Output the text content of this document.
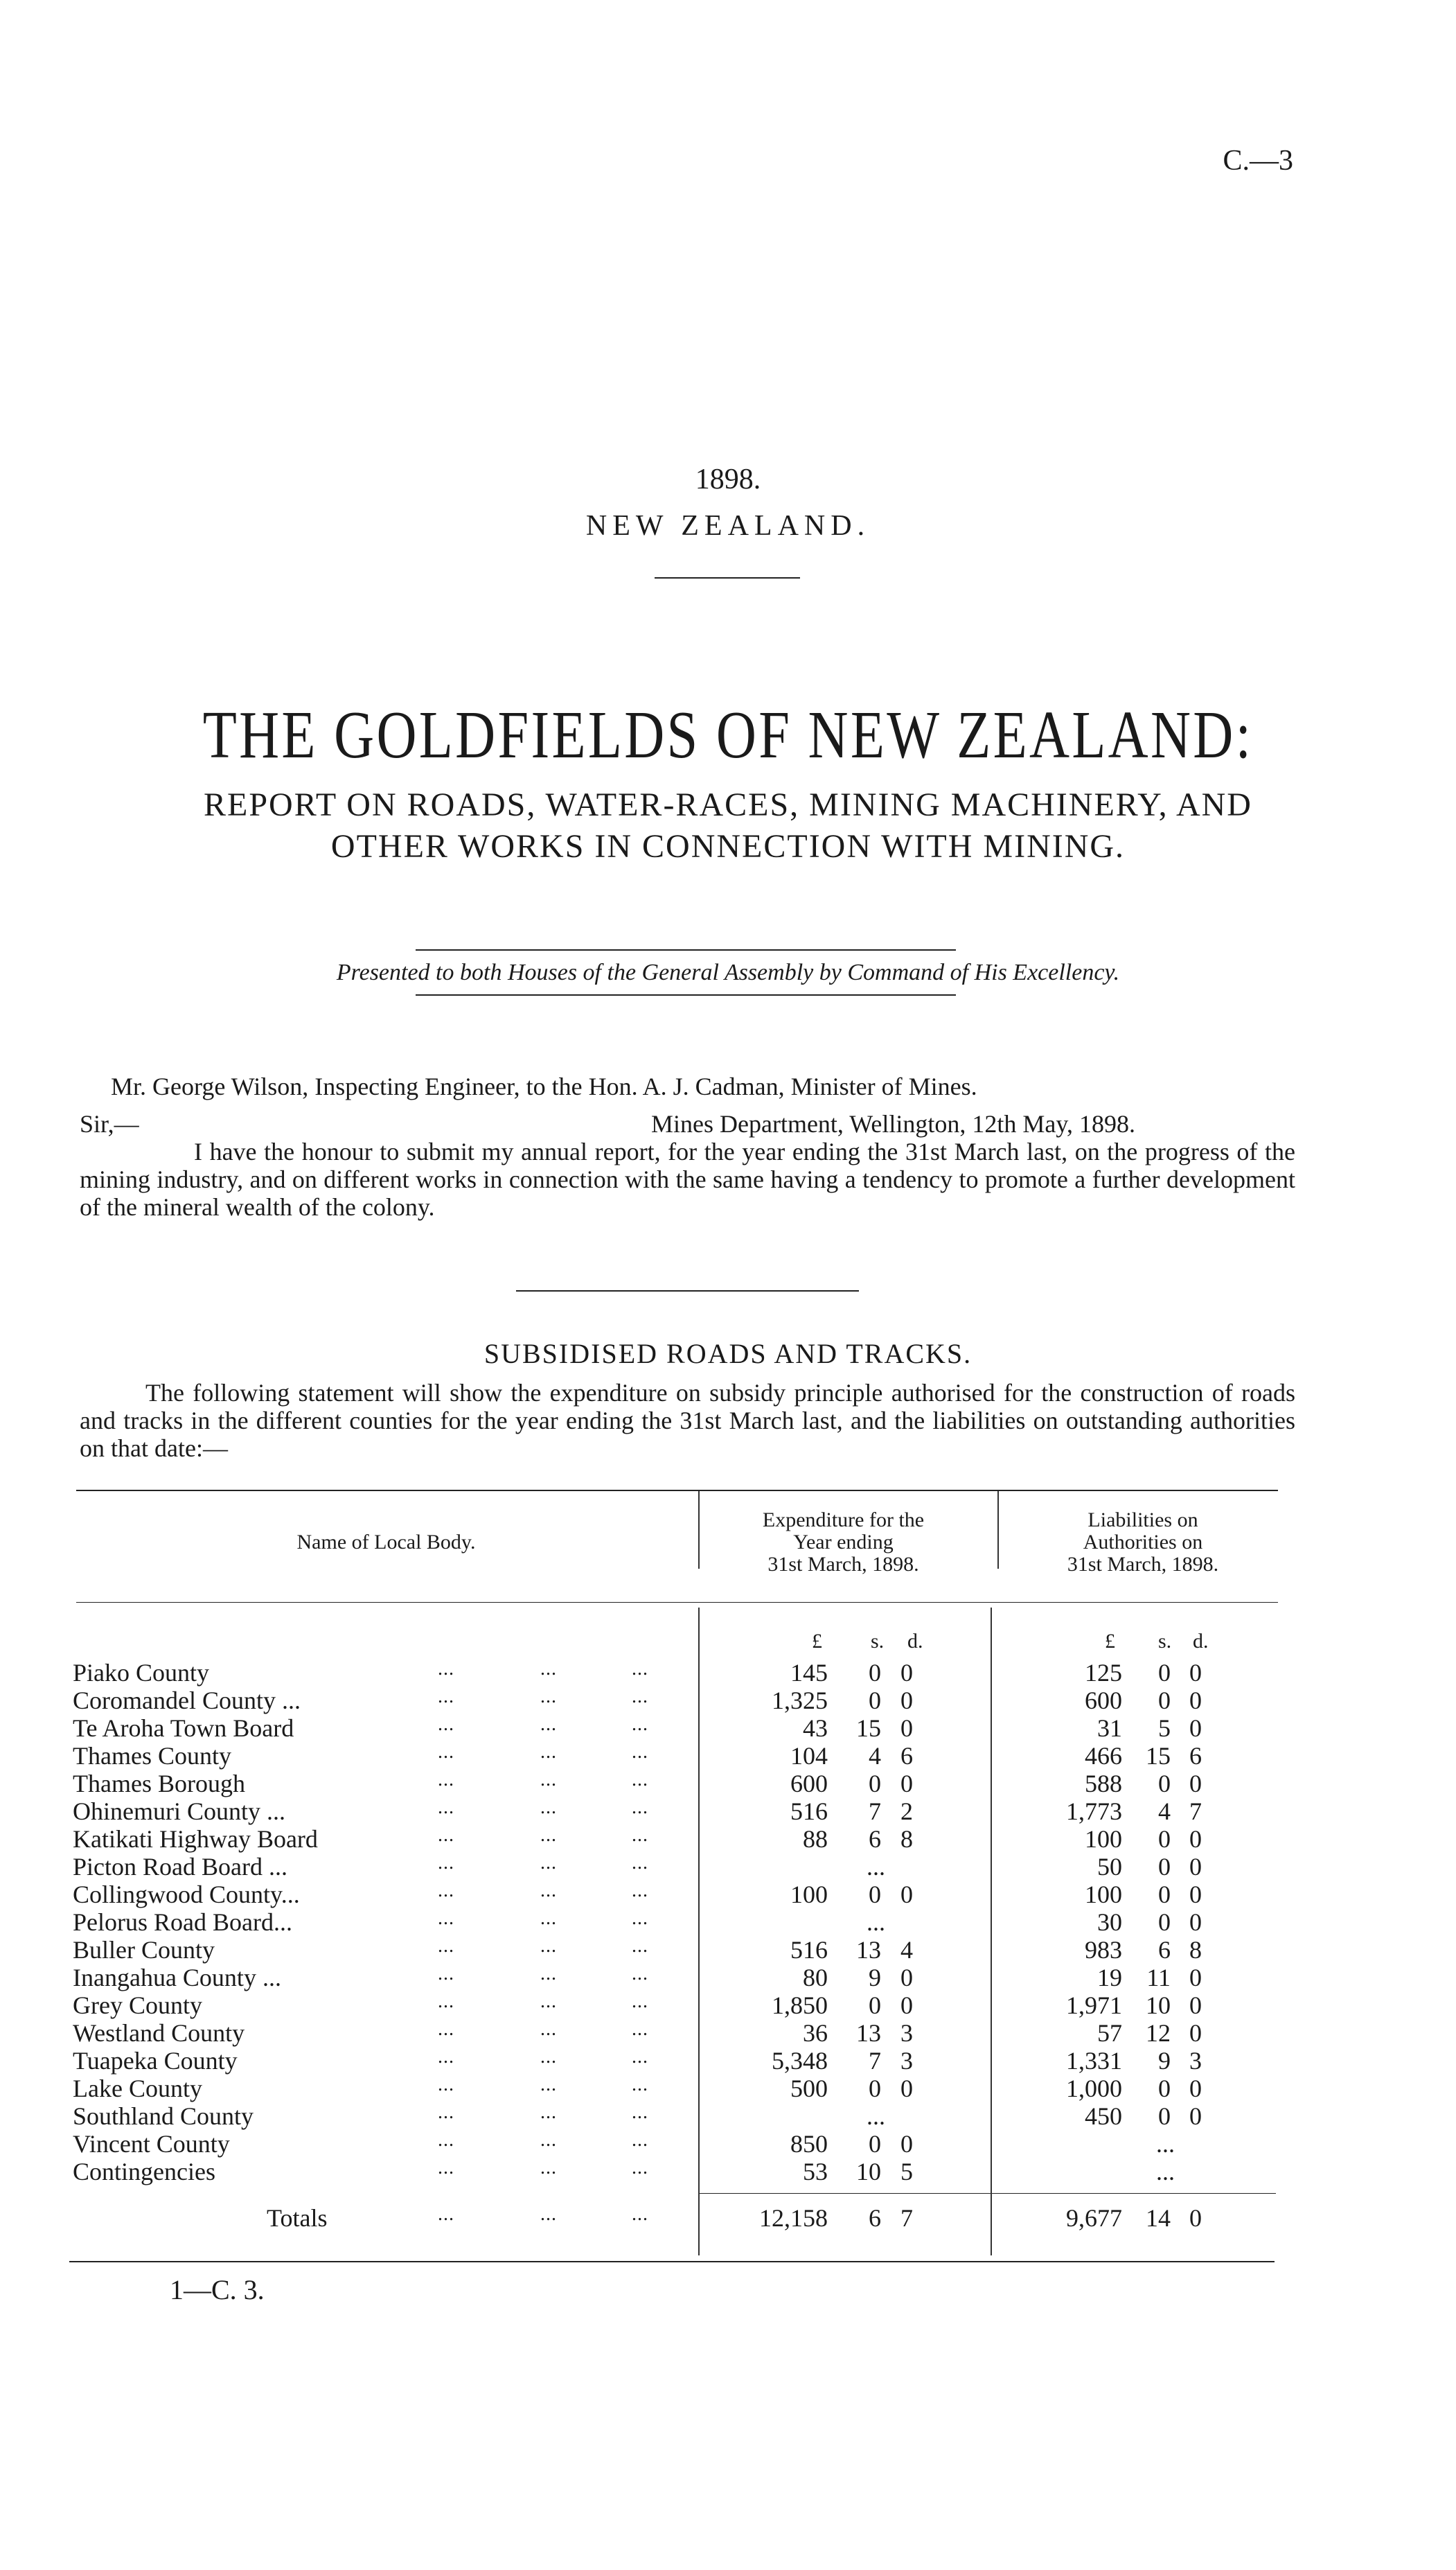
C.—3
1898.
NEW ZEALAND.
THE GOLDFIELDS OF NEW ZEALAND:
REPORT ON ROADS, WATER-RACES, MINING MACHINERY, AND
OTHER WORKS IN CONNECTION WITH MINING.
Presented to both Houses of the General Assembly by Command of His Excellency.
Mr. George Wilson, Inspecting Engineer, to the Hon. A. J. Cadman, Minister of Mines.
Sir,—	Mines Department, Wellington, 12th May, 1898.
I have the honour to submit my annual report, for the year ending the 31st March last, on the progress of the mining industry, and on different works in connection with the same having a tendency to promote a further development of the mineral wealth of the colony.
SUBSIDISED ROADS AND TRACKS.
The following statement will show the expenditure on subsidy principle authorised for the construction of roads and tracks in the different counties for the year ending the 31st March last, and the liabilities on outstanding authorities on that date:—
Name of Local Body.
Expenditure for the
Year ending
31st March, 1898.
Liabilities on
Authorities on
31st March, 1898.
£ s. d.	£ s. d.
Piako County	...	...	...	145 0 0	125 0 0
Coromandel County ...	...	...	...	1,325 0 0	600 0 0
Te Aroha Town Board	...	...	...	43 15 0	31 5 0
Thames County	...	...	...	104 4 6	466 15 6
Thames Borough	...	...	...	600 0 0	588 0 0
Ohinemuri County ...	...	...	...	516 7 2	1,773 4 7
Katikati Highway Board	...	...	...	88 6 8	100 0 0
Picton Road Board ...	...	...	...	...	50 0 0
Collingwood County...	...	...	...	100 0 0	100 0 0
Pelorus Road Board...	...	...	...	...	30 0 0
Buller County	...	...	...	516 13 4	983 6 8
Inangahua County ...	...	...	...	80 9 0	19 11 0
Grey County	...	...	...	1,850 0 0	1,971 10 0
Westland County	...	...	...	36 13 3	57 12 0
Tuapeka County	...	...	...	5,348 7 3	1,331 9 3
Lake County	...	...	...	500 0 0	1,000 0 0
Southland County	...	...	...	...	450 0 0
Vincent County	...	...	...	850 0 0	...
Contingencies	...	...	...	53 10 5	...
Totals	...	...	...	12,158 6 7	9,677 14 0
1—C. 3.
